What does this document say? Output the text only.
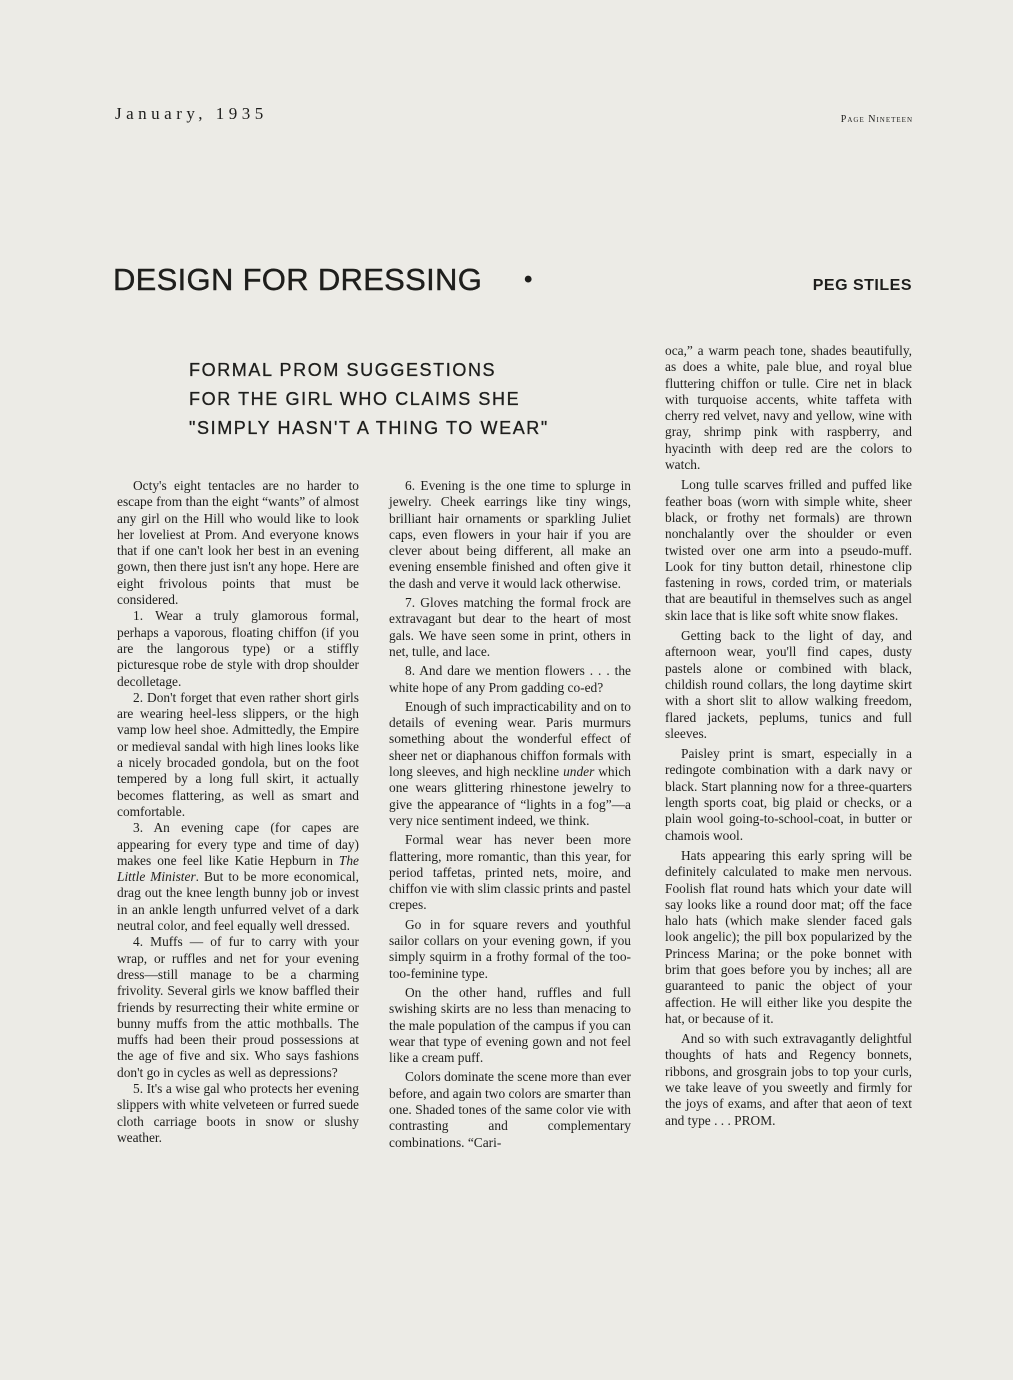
January, 1935	Page Nineteen
DESIGN FOR DRESSING •	PEG STILES
FORMAL PROM SUGGESTIONS
FOR THE GIRL WHO CLAIMS SHE
"SIMPLY HASN'T A THING TO WEAR"

Octy's eight tentacles are no harder to escape from than the eight “wants” of almost any girl on the Hill who would like to look her loveliest at Prom. And everyone knows that if one can't look her best in an evening gown, then there just isn't any hope. Here are eight frivolous points that must be considered.

1. Wear a truly glamorous formal, perhaps a vaporous, floating chiffon (if you are the langorous type) or a stiffly picturesque robe de style with drop shoulder decolletage.

2. Don't forget that even rather short girls are wearing heel-less slippers, or the high vamp low heel shoe. Admittedly, the Empire or medieval sandal with high lines looks like a nicely brocaded gondola, but on the foot tempered by a long full skirt, it actually becomes flattering, as well as smart and comfortable.

3. An evening cape (for capes are appearing for every type and time of day) makes one feel like Katie Hepburn in The Little Minister. But to be more economical, drag out the knee length bunny job or invest in an ankle length unfurred velvet of a dark neutral color, and feel equally well dressed.

4. Muffs — of fur to carry with your wrap, or ruffles and net for your evening dress—still manage to be a charming frivolity. Several girls we know baffled their friends by resurrecting their white ermine or bunny muffs from the attic mothballs. The muffs had been their proud possessions at the age of five and six. Who says fashions don't go in cycles as well as depressions?

5. It's a wise gal who protects her evening slippers with white velveteen or furred suede cloth carriage boots in snow or slushy weather.

6. Evening is the one time to splurge in jewelry. Cheek earrings like tiny wings, brilliant hair ornaments or sparkling Juliet caps, even flowers in your hair if you are clever about being different, all make an evening ensemble finished and often give it the dash and verve it would lack otherwise.

7. Gloves matching the formal frock are extravagant but dear to the heart of most gals. We have seen some in print, others in net, tulle, and lace.

8. And dare we mention flowers . . . the white hope of any Prom gadding co-ed?

Enough of such impracticability and on to details of evening wear. Paris murmurs something about the wonderful effect of sheer net or diaphanous chiffon formals with long sleeves, and high neckline under which one wears glittering rhinestone jewelry to give the appearance of “lights in a fog”—a very nice sentiment indeed, we think.

Formal wear has never been more flattering, more romantic, than this year, for period taffetas, printed nets, moire, and chiffon vie with slim classic prints and pastel crepes.

Go in for square revers and youthful sailor collars on your evening gown, if you simply squirm in a frothy formal of the too-too-feminine type.

On the other hand, ruffles and full swishing skirts are no less than menacing to the male population of the campus if you can wear that type of evening gown and not feel like a cream puff.

Colors dominate the scene more than ever before, and again two colors are smarter than one. Shaded tones of the same color vie with contrasting and complementary combinations. “Cari-

oca,” a warm peach tone, shades beautifully, as does a white, pale blue, and royal blue fluttering chiffon or tulle. Cire net in black with turquoise accents, white taffeta with cherry red velvet, navy and yellow, wine with gray, shrimp pink with raspberry, and hyacinth with deep red are the colors to watch.

Long tulle scarves frilled and puffed like feather boas (worn with simple white, sheer black, or frothy net formals) are thrown nonchalantly over the shoulder or even twisted over one arm into a pseudo-muff. Look for tiny button detail, rhinestone clip fastening in rows, corded trim, or materials that are beautiful in themselves such as angel skin lace that is like soft white snow flakes.

Getting back to the light of day, and afternoon wear, you'll find capes, dusty pastels alone or combined with black, childish round collars, the long daytime skirt with a short slit to allow walking freedom, flared jackets, peplums, tunics and full sleeves.

Paisley print is smart, especially in a redingote combination with a dark navy or black. Start planning now for a three-quarters length sports coat, big plaid or checks, or a plain wool going-to-school-coat, in butter or chamois wool.

Hats appearing this early spring will be definitely calculated to make men nervous. Foolish flat round hats which your date will say looks like a round door mat; off the face halo hats (which make slender faced gals look angelic); the pill box popularized by the Princess Marina; or the poke bonnet with brim that goes before you by inches; all are guaranteed to panic the object of your affection. He will either like you despite the hat, or because of it.

And so with such extravagantly delightful thoughts of hats and Regency bonnets, ribbons, and grosgrain jobs to top your curls, we take leave of you sweetly and firmly for the joys of exams, and after that aeon of text and type . . . PROM.
